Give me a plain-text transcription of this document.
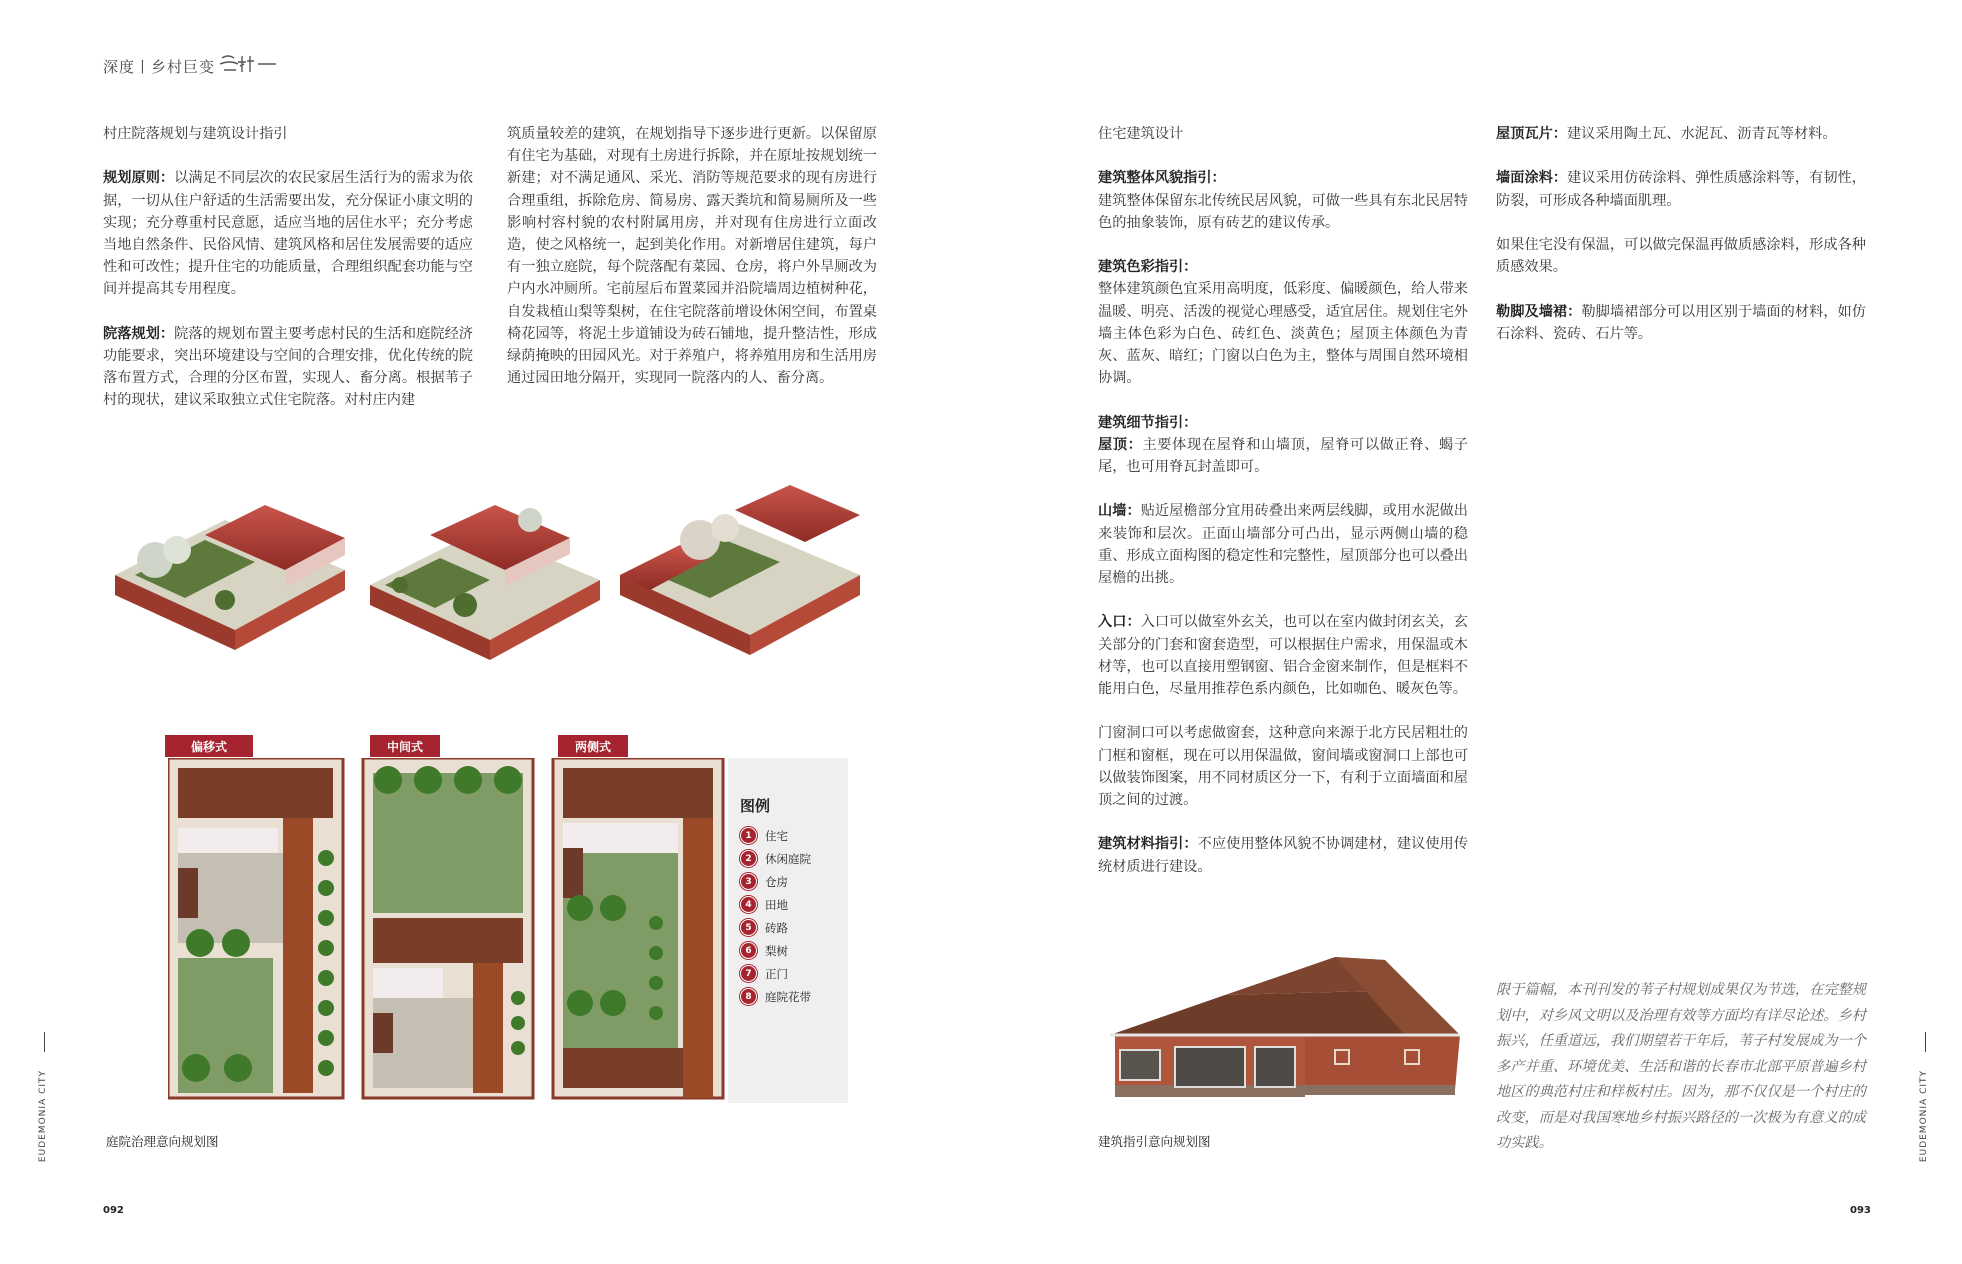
深度丨乡村巨变
村庄院落规划与建筑设计指引

规划原则：以满足不同层次的农民家居生活行为的需求为依据，一切从住户舒适的生活需要出发，充分保证小康文明的实现；充分尊重村民意愿，适应当地的居住水平；充分考虑当地自然条件、民俗风情、建筑风格和居住发展需要的适应性和可改性；提升住宅的功能质量，合理组织配套功能与空间并提高其专用程度。

院落规划：院落的规划布置主要考虑村民的生活和庭院经济功能要求，突出环境建设与空间的合理安排，优化传统的院落布置方式，合理的分区布置，实现人、畜分离。根据苇子村的现状，建议采取独立式住宅院落。对村庄内建

筑质量较差的建筑，在规划指导下逐步进行更新。以保留原有住宅为基础，对现有土房进行拆除，并在原址按规划统一新建；对不满足通风、采光、消防等规范要求的现有房进行合理重组，拆除危房、简易房、露天粪坑和简易厕所及一些影响村容村貌的农村附属用房，并对现有住房进行立面改造，使之风格统一，起到美化作用。对新增居住建筑，每户有一独立庭院，每个院落配有菜园、仓房，将户外旱厕改为户内水冲厕所。宅前屋后布置菜园并沿院墙周边植树种花，自发栽植山梨等梨树，在住宅院落前增设休闲空间，布置桌椅花园等，将泥土步道铺设为砖石铺地，提升整洁性，形成绿荫掩映的田园风光。对于养殖户，将养殖用房和生活用房通过园田地分隔开，实现同一院落内的人、畜分离。

偏移式	中间式	两侧式
图例
1	住宅
2	休闲庭院
3	仓房
4	田地
5	砖路
6	梨树
7	正门
8	庭院花带
庭院治理意向规划图
092
EUDEMONIA CITY
住宅建筑设计

建筑整体风貌指引：
建筑整体保留东北传统民居风貌，可做一些具有东北民居特色的抽象装饰，原有砖艺的建议传承。

建筑色彩指引：
整体建筑颜色宜采用高明度，低彩度、偏暖颜色，给人带来温暖、明亮、活泼的视觉心理感受，适宜居住。规划住宅外墙主体色彩为白色、砖红色、淡黄色；屋顶主体颜色为青灰、蓝灰、暗红；门窗以白色为主，整体与周围自然环境相协调。

建筑细节指引：
屋顶：主要体现在屋脊和山墙顶，屋脊可以做正脊、蝎子尾，也可用脊瓦封盖即可。

山墙：贴近屋檐部分宜用砖叠出来两层线脚，或用水泥做出来装饰和层次。正面山墙部分可凸出，显示两侧山墙的稳重、形成立面构图的稳定性和完整性，屋顶部分也可以叠出屋檐的出挑。

入口：入口可以做室外玄关，也可以在室内做封闭玄关，玄关部分的门套和窗套造型，可以根据住户需求，用保温或木材等，也可以直接用塑钢窗、铝合金窗来制作，但是框料不能用白色，尽量用推荐色系内颜色，比如咖色、暖灰色等。

门窗洞口可以考虑做窗套，这种意向来源于北方民居粗壮的门框和窗框，现在可以用保温做，窗间墙或窗洞口上部也可以做装饰图案，用不同材质区分一下，有利于立面墙面和屋顶之间的过渡。

建筑材料指引：不应使用整体风貌不协调建材，建议使用传统材质进行建设。

屋顶瓦片：建议采用陶土瓦、水泥瓦、沥青瓦等材料。

墙面涂料：建议采用仿砖涂料、弹性质感涂料等，有韧性，防裂，可形成各种墙面肌理。

如果住宅没有保温，可以做完保温再做质感涂料，形成各种质感效果。

勒脚及墙裙：勒脚墙裙部分可以用区别于墙面的材料，如仿石涂料、瓷砖、石片等。

限于篇幅，本刊刊发的苇子村规划成果仅为节选，在完整规划中，对乡风文明以及治理有效等方面均有详尽论述。乡村振兴，任重道远，我们期望若干年后，苇子村发展成为一个多产并重、环境优美、生活和谐的长春市北部平原普遍乡村地区的典范村庄和样板村庄。因为，那不仅仅是一个村庄的改变，而是对我国寒地乡村振兴路径的一次极为有意义的成功实践。
建筑指引意向规划图
093
EUDEMONIA CITY
